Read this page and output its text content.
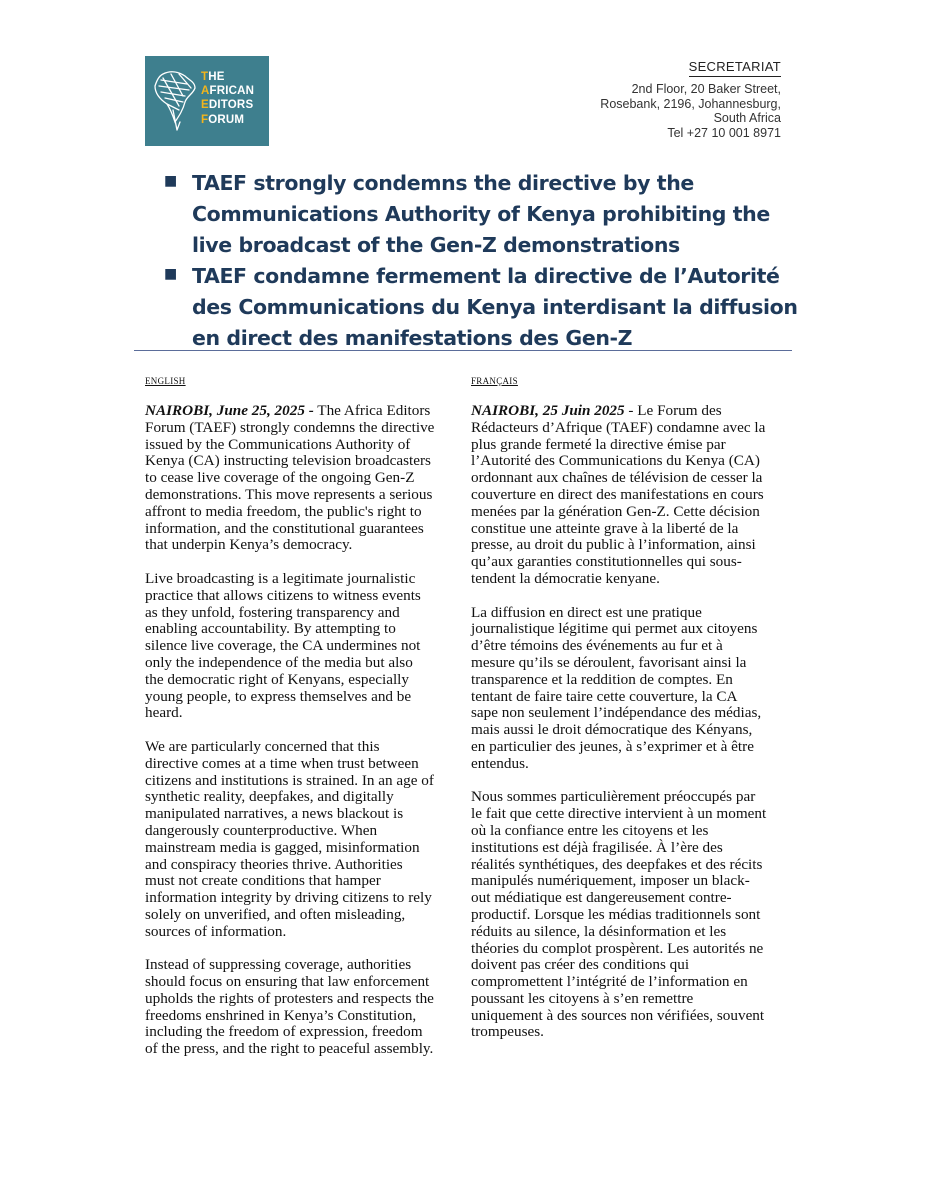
THE
AFRICAN
EDITORS
FORUM
SECRETARIAT
2nd Floor, 20 Baker Street,
Rosebank, 2196, Johannesburg,
South Africa
Tel +27 10 001 8971
■ TAEF strongly condemns the directive by the Communications Authority of Kenya prohibiting the live broadcast of the Gen-Z demonstrations
■ TAEF condamne fermement la directive de l’Autorité des Communications du Kenya interdisant la diffusion en direct des manifestations des Gen-Z
ENGLISH

NAIROBI, June 25, 2025 - The Africa Editors Forum (TAEF) strongly condemns the directive issued by the Communications Authority of Kenya (CA) instructing television broadcasters to cease live coverage of the ongoing Gen-Z demonstrations. This move represents a serious affront to media freedom, the public's right to information, and the constitutional guarantees that underpin Kenya’s democracy.

Live broadcasting is a legitimate journalistic practice that allows citizens to witness events as they unfold, fostering transparency and enabling accountability. By attempting to silence live coverage, the CA undermines not only the independence of the media but also the democratic right of Kenyans, especially young people, to express themselves and be heard.

We are particularly concerned that this directive comes at a time when trust between citizens and institutions is strained. In an age of synthetic reality, deepfakes, and digitally manipulated narratives, a news blackout is dangerously counterproductive. When mainstream media is gagged, misinformation and conspiracy theories thrive. Authorities must not create conditions that hamper information integrity by driving citizens to rely solely on unverified, and often misleading, sources of information.

Instead of suppressing coverage, authorities should focus on ensuring that law enforcement upholds the rights of protesters and respects the freedoms enshrined in Kenya’s Constitution, including the freedom of expression, freedom of the press, and the right to peaceful assembly.

FRANÇAIS

NAIROBI, 25 Juin 2025 - Le Forum des Rédacteurs d’Afrique (TAEF) condamne avec la plus grande fermeté la directive émise par l’Autorité des Communications du Kenya (CA) ordonnant aux chaînes de télévision de cesser la couverture en direct des manifestations en cours menées par la génération Gen-Z. Cette décision constitue une atteinte grave à la liberté de la presse, au droit du public à l’information, ainsi qu’aux garanties constitutionnelles qui sous-tendent la démocratie kenyane.

La diffusion en direct est une pratique journalistique légitime qui permet aux citoyens d’être témoins des événements au fur et à mesure qu’ils se déroulent, favorisant ainsi la transparence et la reddition de comptes. En tentant de faire taire cette couverture, la CA sape non seulement l’indépendance des médias, mais aussi le droit démocratique des Kényans, en particulier des jeunes, à s’exprimer et à être entendus.

Nous sommes particulièrement préoccupés par le fait que cette directive intervient à un moment où la confiance entre les citoyens et les institutions est déjà fragilisée. À l’ère des réalités synthétiques, des deepfakes et des récits manipulés numériquement, imposer un black-out médiatique est dangereusement contre-productif. Lorsque les médias traditionnels sont réduits au silence, la désinformation et les théories du complot prospèrent. Les autorités ne doivent pas créer des conditions qui compromettent l’intégrité de l’information en poussant les citoyens à s’en remettre uniquement à des sources non vérifiées, souvent trompeuses.
